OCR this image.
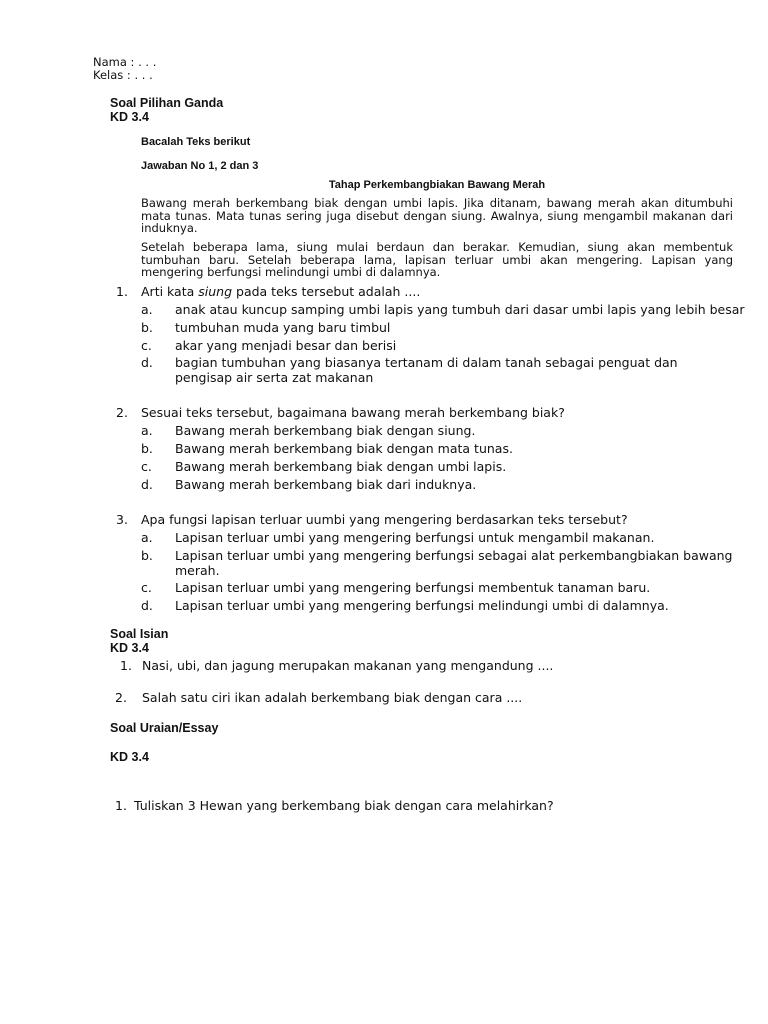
Nama : . . .
Kelas : . . .
Soal Pilihan Ganda
KD 3.4
Bacalah Teks berikut
Jawaban No 1, 2 dan 3
Tahap Perkembangbiakan Bawang Merah

Bawang merah berkembang biak dengan umbi lapis. Jika ditanam, bawang merah akan ditumbuhi mata tunas. Mata tunas sering juga disebut dengan siung. Awalnya, siung mengambil makanan dari induknya.

Setelah beberapa lama, siung mulai berdaun dan berakar. Kemudian, siung akan membentuk tumbuhan baru. Setelah beberapa lama, lapisan terluar umbi akan mengering. Lapisan yang mengering berfungsi melindungi umbi di dalamnya.

1. Arti kata siung pada teks tersebut adalah ....
a. anak atau kuncup samping umbi lapis yang tumbuh dari dasar umbi lapis yang lebih besar
b. tumbuhan muda yang baru timbul
c. akar yang menjadi besar dan berisi
d. bagian tumbuhan yang biasanya tertanam di dalam tanah sebagai penguat dan pengisap air serta zat makanan
2. Sesuai teks tersebut, bagaimana bawang merah berkembang biak?
a. Bawang merah berkembang biak dengan siung.
b. Bawang merah berkembang biak dengan mata tunas.
c. Bawang merah berkembang biak dengan umbi lapis.
d. Bawang merah berkembang biak dari induknya.
3. Apa fungsi lapisan terluar uumbi yang mengering berdasarkan teks tersebut?
a. Lapisan terluar umbi yang mengering berfungsi untuk mengambil makanan.
b. Lapisan terluar umbi yang mengering berfungsi sebagai alat perkembangbiakan bawang merah.
c. Lapisan terluar umbi yang mengering berfungsi membentuk tanaman baru.
d. Lapisan terluar umbi yang mengering berfungsi melindungi umbi di dalamnya.
Soal Isian
KD 3.4
1. Nasi, ubi, dan jagung merupakan makanan yang mengandung ....
2. Salah satu ciri ikan adalah berkembang biak dengan cara ....
Soal Uraian/Essay
KD 3.4
1. Tuliskan 3 Hewan yang berkembang biak dengan cara melahirkan?
